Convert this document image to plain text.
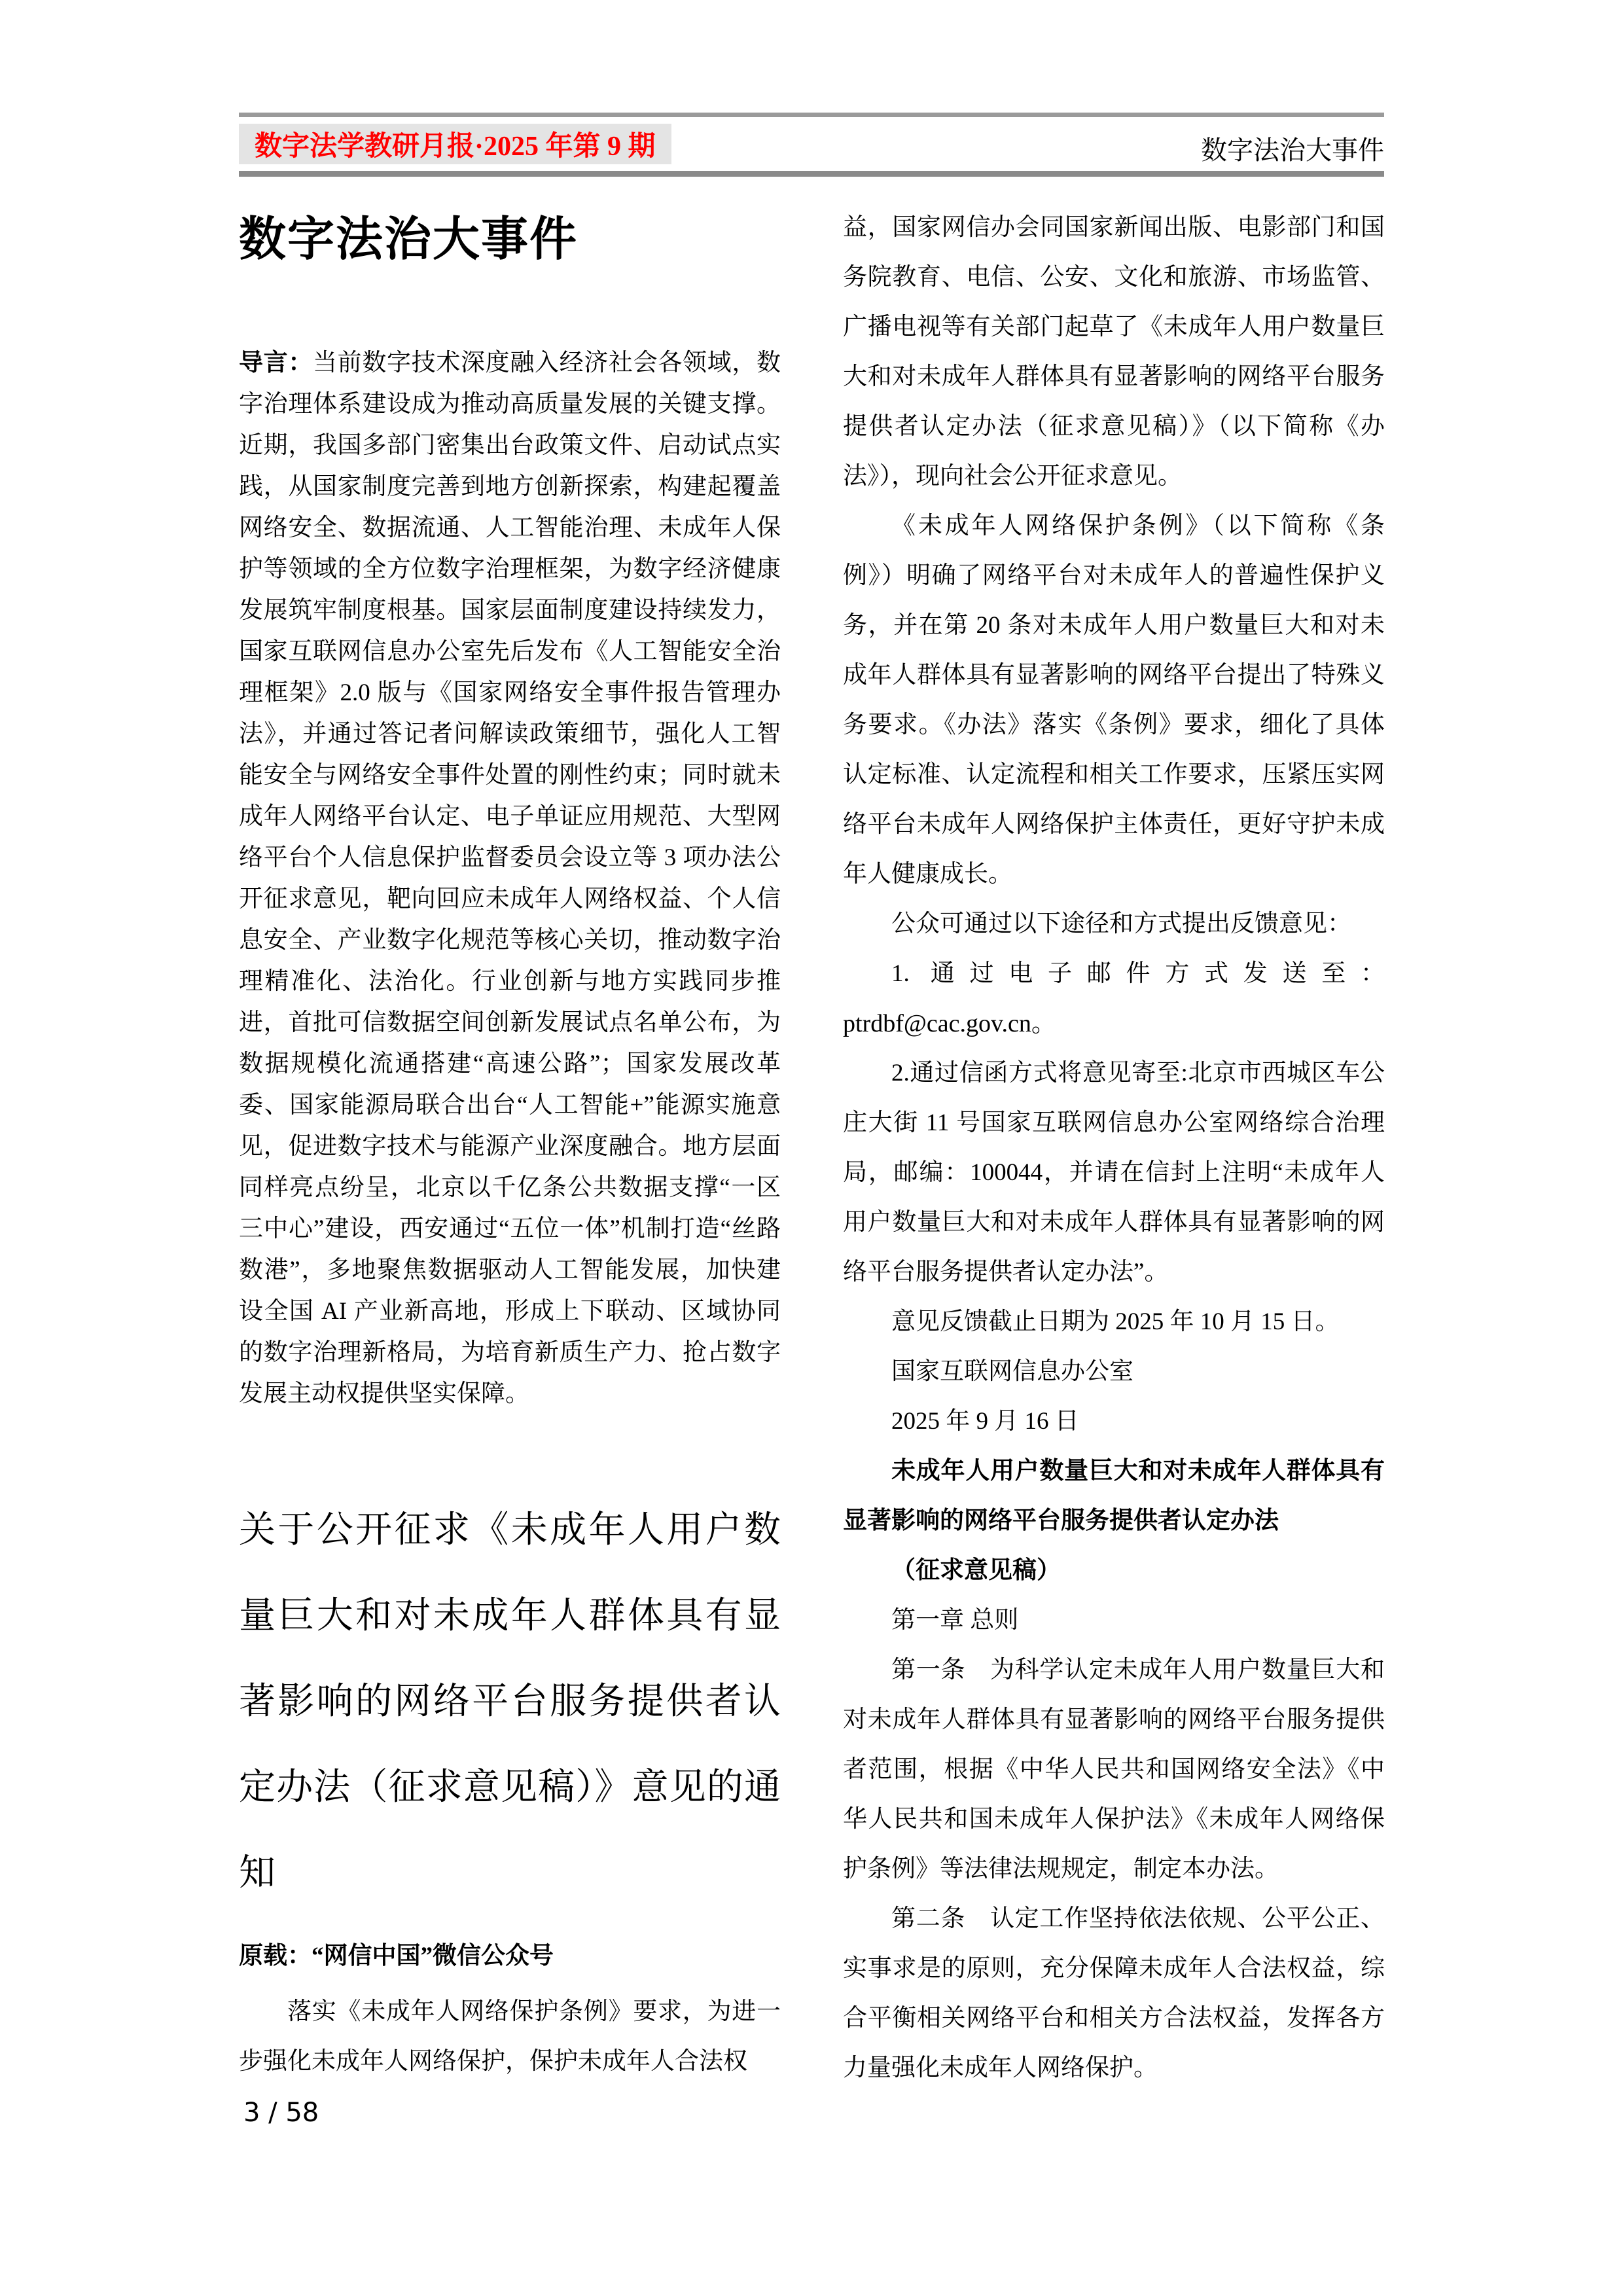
数字法学教研月报·2025 年第 9 期	数字法治大事件
数字法治大事件

导言：当前数字技术深度融入经济社会各领域，数字治理体系建设成为推动高质量发展的关键支撑。近期，我国多部门密集出台政策文件、启动试点实践，从国家制度完善到地方创新探索，构建起覆盖网络安全、数据流通、人工智能治理、未成年人保护等领域的全方位数字治理框架，为数字经济健康发展筑牢制度根基。国家层面制度建设持续发力，国家互联网信息办公室先后发布《人工智能安全治理框架》2.0 版与《国家网络安全事件报告管理办法》，并通过答记者问解读政策细节，强化人工智能安全与网络安全事件处置的刚性约束；同时就未成年人网络平台认定、电子单证应用规范、大型网络平台个人信息保护监督委员会设立等 3 项办法公开征求意见，靶向回应未成年人网络权益、个人信息安全、产业数字化规范等核心关切，推动数字治理精准化、法治化。行业创新与地方实践同步推进，首批可信数据空间创新发展试点名单公布，为数据规模化流通搭建“高速公路”；国家发展改革委、国家能源局联合出台“人工智能+”能源实施意见，促进数字技术与能源产业深度融合。地方层面同样亮点纷呈，北京以千亿条公共数据支撑“一区三中心”建设，西安通过“五位一体”机制打造“丝路数港”，多地聚焦数据驱动人工智能发展，加快建设全国 AI 产业新高地，形成上下联动、区域协同的数字治理新格局，为培育新质生产力、抢占数字发展主动权提供坚实保障。

关于公开征求《未成年人用户数量巨大和对未成年人群体具有显著影响的网络平台服务提供者认定办法（征求意见稿）》意见的通知

原载：“网信中国”微信公众号

落实《未成年人网络保护条例》要求，为进一步强化未成年人网络保护，保护未成年人合法权

益，国家网信办会同国家新闻出版、电影部门和国务院教育、电信、公安、文化和旅游、市场监管、广播电视等有关部门起草了《未成年人用户数量巨大和对未成年人群体具有显著影响的网络平台服务提供者认定办法（征求意见稿）》（以下简称《办法》），现向社会公开征求意见。

《未成年人网络保护条例》（以下简称《条例》）明确了网络平台对未成年人的普遍性保护义务，并在第 20 条对未成年人用户数量巨大和对未成年人群体具有显著影响的网络平台提出了特殊义务要求。《办法》落实《条例》要求，细化了具体认定标准、认定流程和相关工作要求，压紧压实网络平台未成年人网络保护主体责任，更好守护未成年人健康成长。

公众可通过以下途径和方式提出反馈意见：

1. 通过电子邮件方式发送至：

ptrdbf@cac.gov.cn。

2.通过信函方式将意见寄至:北京市西城区车公庄大街 11 号国家互联网信息办公室网络综合治理局，邮编：100044，并请在信封上注明“未成年人用户数量巨大和对未成年人群体具有显著影响的网络平台服务提供者认定办法”。

意见反馈截止日期为 2025 年 10 月 15 日。

国家互联网信息办公室

2025 年 9 月 16 日

未成年人用户数量巨大和对未成年人群体具有显著影响的网络平台服务提供者认定办法

（征求意见稿）

第一章 总则

第一条　为科学认定未成年人用户数量巨大和对未成年人群体具有显著影响的网络平台服务提供者范围，根据《中华人民共和国网络安全法》《中华人民共和国未成年人保护法》《未成年人网络保护条例》等法律法规规定，制定本办法。

第二条　认定工作坚持依法依规、公平公正、实事求是的原则，充分保障未成年人合法权益，综合平衡相关网络平台和相关方合法权益，发挥各方力量强化未成年人网络保护。

3 / 58
